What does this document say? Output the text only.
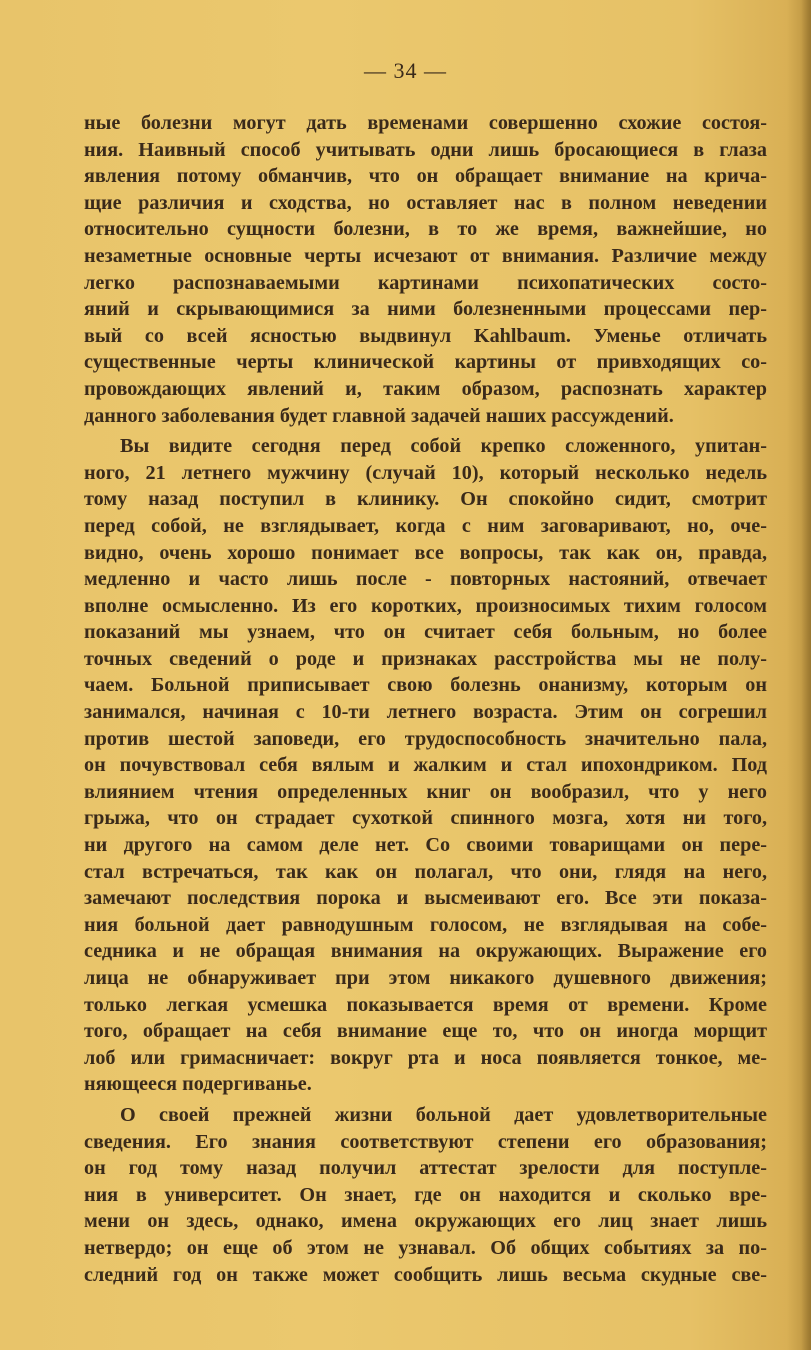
— 34 —
ные болезни могут дать временами совершенно схожие состоя-
ния. Наивный способ учитывать одни лишь бросающиеся в глаза
явления потому обманчив, что он обращает внимание на крича-
щие различия и сходства, но оставляет нас в полном неведении
относительно сущности болезни, в то же время, важнейшие, но
незаметные основные черты исчезают от внимания. Различие между
легко распознаваемыми картинами психопатических состо-
яний и скрывающимися за ними болезненными процессами пер-
вый со всей ясностью выдвинул Kahlbaum. Уменье отличать
существенные черты клинической картины от привходящих со-
провождающих явлений и, таким образом, распознать характер
данного заболевания будет главной задачей наших рассуждений.
Вы видите сегодня перед собой крепко сложенного, упитан-
ного, 21 летнего мужчину (случай 10), который несколько недель
тому назад поступил в клинику. Он спокойно сидит, смотрит
перед собой, не взглядывает, когда с ним заговаривают, но, оче-
видно, очень хорошо понимает все вопросы, так как он, правда,
медленно и часто лишь после - повторных настояний, отвечает
вполне осмысленно. Из его коротких, произносимых тихим голосом
показаний мы узнаем, что он считает себя больным, но более
точных сведений о роде и признаках расстройства мы не полу-
чаем. Больной приписывает свою болезнь онанизму, которым он
занимался, начиная с 10-ти летнего возраста. Этим он согрешил
против шестой заповеди, его трудоспособность значительно пала,
он почувствовал себя вялым и жалким и стал ипохондриком. Под
влиянием чтения определенных книг он вообразил, что у него
грыжа, что он страдает сухоткой спинного мозга, хотя ни того,
ни другого на самом деле нет. Со своими товарищами он пере-
стал встречаться, так как он полагал, что они, глядя на него,
замечают последствия порока и высмеивают его. Все эти показа-
ния больной дает равнодушным голосом, не взглядывая на собе-
седника и не обращая внимания на окружающих. Выражение его
лица не обнаруживает при этом никакого душевного движения;
только легкая усмешка показывается время от времени. Кроме
того, обращает на себя внимание еще то, что он иногда морщит
лоб или гримасничает: вокруг рта и носа появляется тонкое, ме-
няющееся подергиванье.
О своей прежней жизни больной дает удовлетворительные
сведения. Его знания соответствуют степени его образования;
он год тому назад получил аттестат зрелости для поступле-
ния в университет. Он знает, где он находится и сколько вре-
мени он здесь, однако, имена окружающих его лиц знает лишь
нетвердо; он еще об этом не узнавал. Об общих событиях за по-
следний год он также может сообщить лишь весьма скудные све-
